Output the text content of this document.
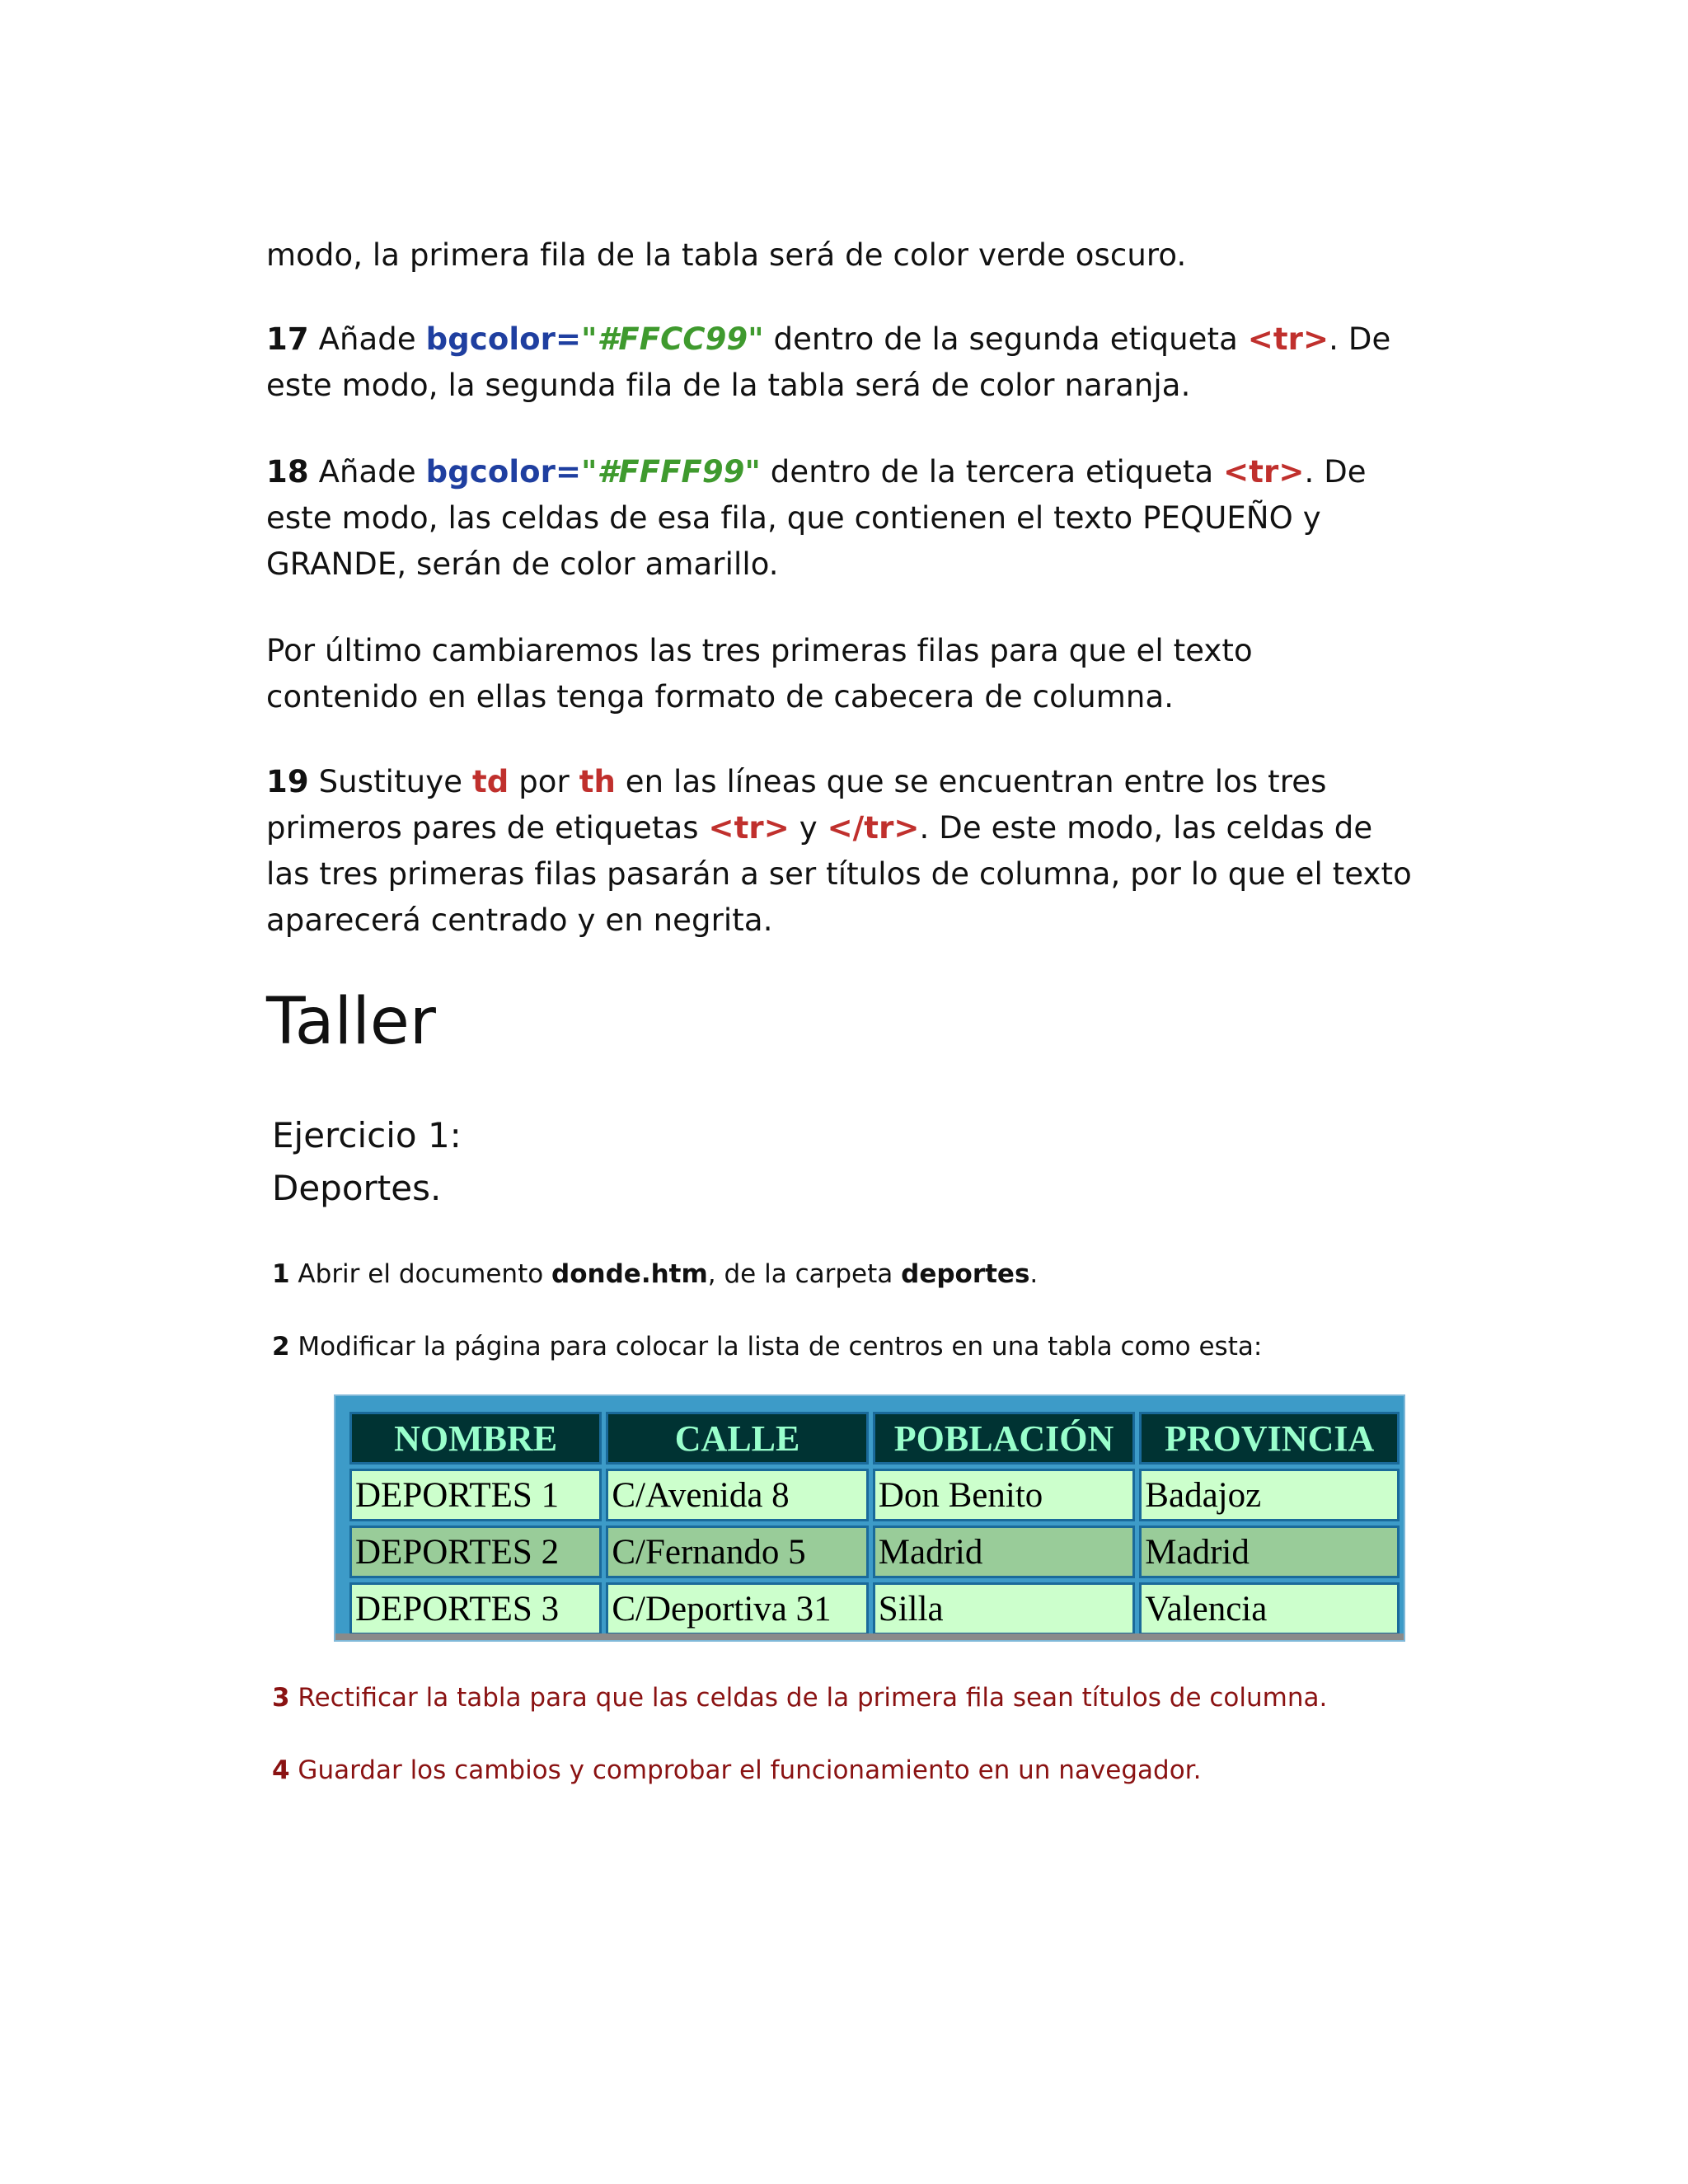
modo, la primera fila de la tabla será de color verde oscuro.

17 Añade bgcolor="#FFCC99" dentro de la segunda etiqueta <tr>. De este modo, la segunda fila de la tabla será de color naranja.

18 Añade bgcolor="#FFFF99" dentro de la tercera etiqueta <tr>. De este modo, las celdas de esa fila, que contienen el texto PEQUEÑO y GRANDE, serán de color amarillo.

Por último cambiaremos las tres primeras filas para que el texto contenido en ellas tenga formato de cabecera de columna.

19 Sustituye td por th en las líneas que se encuentran entre los tres primeros pares de etiquetas <tr> y </tr>. De este modo, las celdas de las tres primeras filas pasarán a ser títulos de columna, por lo que el texto aparecerá centrado y en negrita.

Taller
Ejercicio 1:
Deportes.

1 Abrir el documento donde.htm, de la carpeta deportes.

2 Modificar la página para colocar la lista de centros en una tabla como esta:

NOMBRE	CALLE	POBLACIÓN	PROVINCIA
DEPORTES 1	C/Avenida 8	Don Benito	Badajoz
DEPORTES 2	C/Fernando 5	Madrid	Madrid
DEPORTES 3	C/Deportiva 31	Silla	Valencia

3 Rectificar la tabla para que las celdas de la primera fila sean títulos de columna.

4 Guardar los cambios y comprobar el funcionamiento en un navegador.
